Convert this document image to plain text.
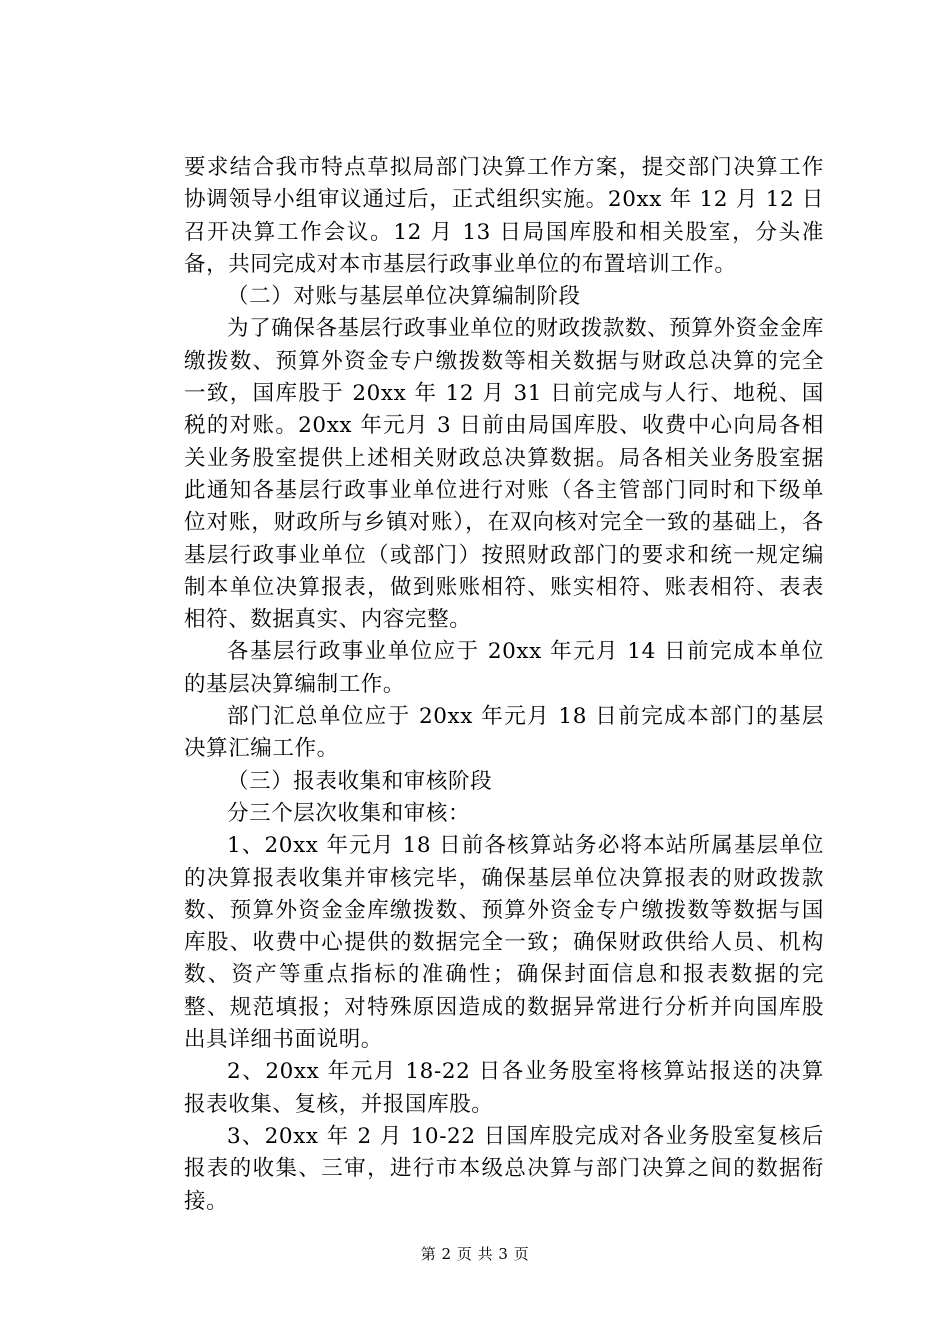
要求结合我市特点草拟局部门决算工作方案，提交部门决算工作协调领导小组审议通过后，正式组织实施。20xx 年 12 月 12 日召开决算工作会议。12 月 13 日局国库股和相关股室，分头准备，共同完成对本市基层行政事业单位的布置培训工作。

（二）对账与基层单位决算编制阶段

为了确保各基层行政事业单位的财政拨款数、预算外资金金库缴拨数、预算外资金专户缴拨数等相关数据与财政总决算的完全一致，国库股于 20xx 年 12 月 31 日前完成与人行、地税、国税的对账。20xx 年元月 3 日前由局国库股、收费中心向局各相关业务股室提供上述相关财政总决算数据。局各相关业务股室据此通知各基层行政事业单位进行对账（各主管部门同时和下级单位对账，财政所与乡镇对账），在双向核对完全一致的基础上，各基层行政事业单位（或部门）按照财政部门的要求和统一规定编制本单位决算报表，做到账账相符、账实相符、账表相符、表表相符、数据真实、内容完整。

各基层行政事业单位应于 20xx 年元月 14 日前完成本单位的基层决算编制工作。

部门汇总单位应于 20xx 年元月 18 日前完成本部门的基层决算汇编工作。

（三）报表收集和审核阶段

分三个层次收集和审核：

1、20xx 年元月 18 日前各核算站务必将本站所属基层单位的决算报表收集并审核完毕，确保基层单位决算报表的财政拨款数、预算外资金金库缴拨数、预算外资金专户缴拨数等数据与国库股、收费中心提供的数据完全一致；确保财政供给人员、机构数、资产等重点指标的准确性；确保封面信息和报表数据的完整、规范填报；对特殊原因造成的数据异常进行分析并向国库股出具详细书面说明。

2、20xx 年元月 18-22 日各业务股室将核算站报送的决算报表收集、复核，并报国库股。

3、20xx 年 2 月 10-22 日国库股完成对各业务股室复核后报表的收集、三审，进行市本级总决算与部门决算之间的数据衔接。

第 2 页 共 3 页
